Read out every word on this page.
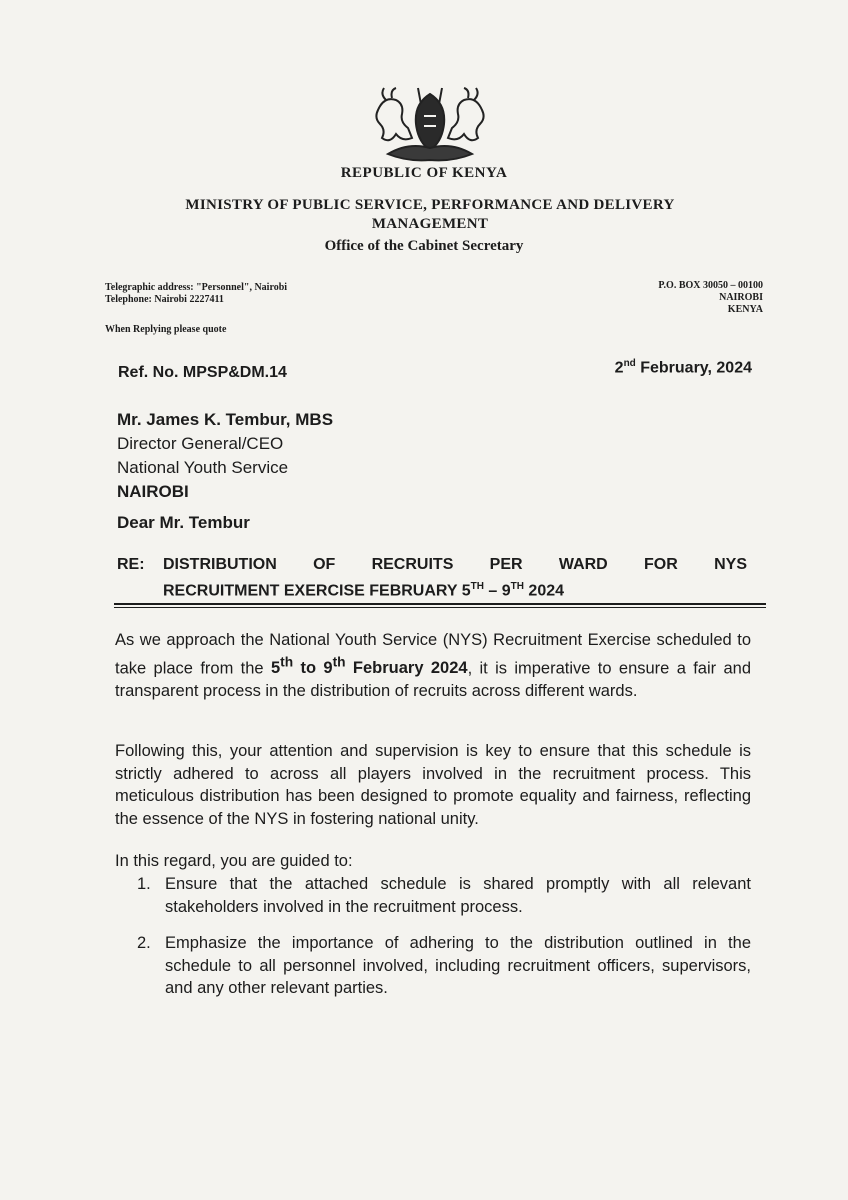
REPUBLIC OF KENYA
MINISTRY OF PUBLIC SERVICE, PERFORMANCE AND DELIVERY MANAGEMENT
Office of the Cabinet Secretary
Telegraphic address: "Personnel", Nairobi
Telephone: Nairobi 2227411
When Replying please quote
P.O. BOX 30050 – 00100
NAIROBI
KENYA
Ref. No. MPSP&DM.14	2nd February, 2024
Mr. James K. Tembur, MBS
Director General/CEO
National Youth Service
NAIROBI
Dear Mr. Tembur
RE: DISTRIBUTION OF RECRUITS PER WARD FOR NYS
RECRUITMENT EXERCISE FEBRUARY 5TH – 9TH 2024
As we approach the National Youth Service (NYS) Recruitment Exercise scheduled to take place from the 5th to 9th February 2024, it is imperative to ensure a fair and transparent process in the distribution of recruits across different wards.
Following this, your attention and supervision is key to ensure that this schedule is strictly adhered to across all players involved in the recruitment process. This meticulous distribution has been designed to promote equality and fairness, reflecting the essence of the NYS in fostering national unity.
In this regard, you are guided to:
1. Ensure that the attached schedule is shared promptly with all relevant stakeholders involved in the recruitment process.
2. Emphasize the importance of adhering to the distribution outlined in the schedule to all personnel involved, including recruitment officers, supervisors, and any other relevant parties.
